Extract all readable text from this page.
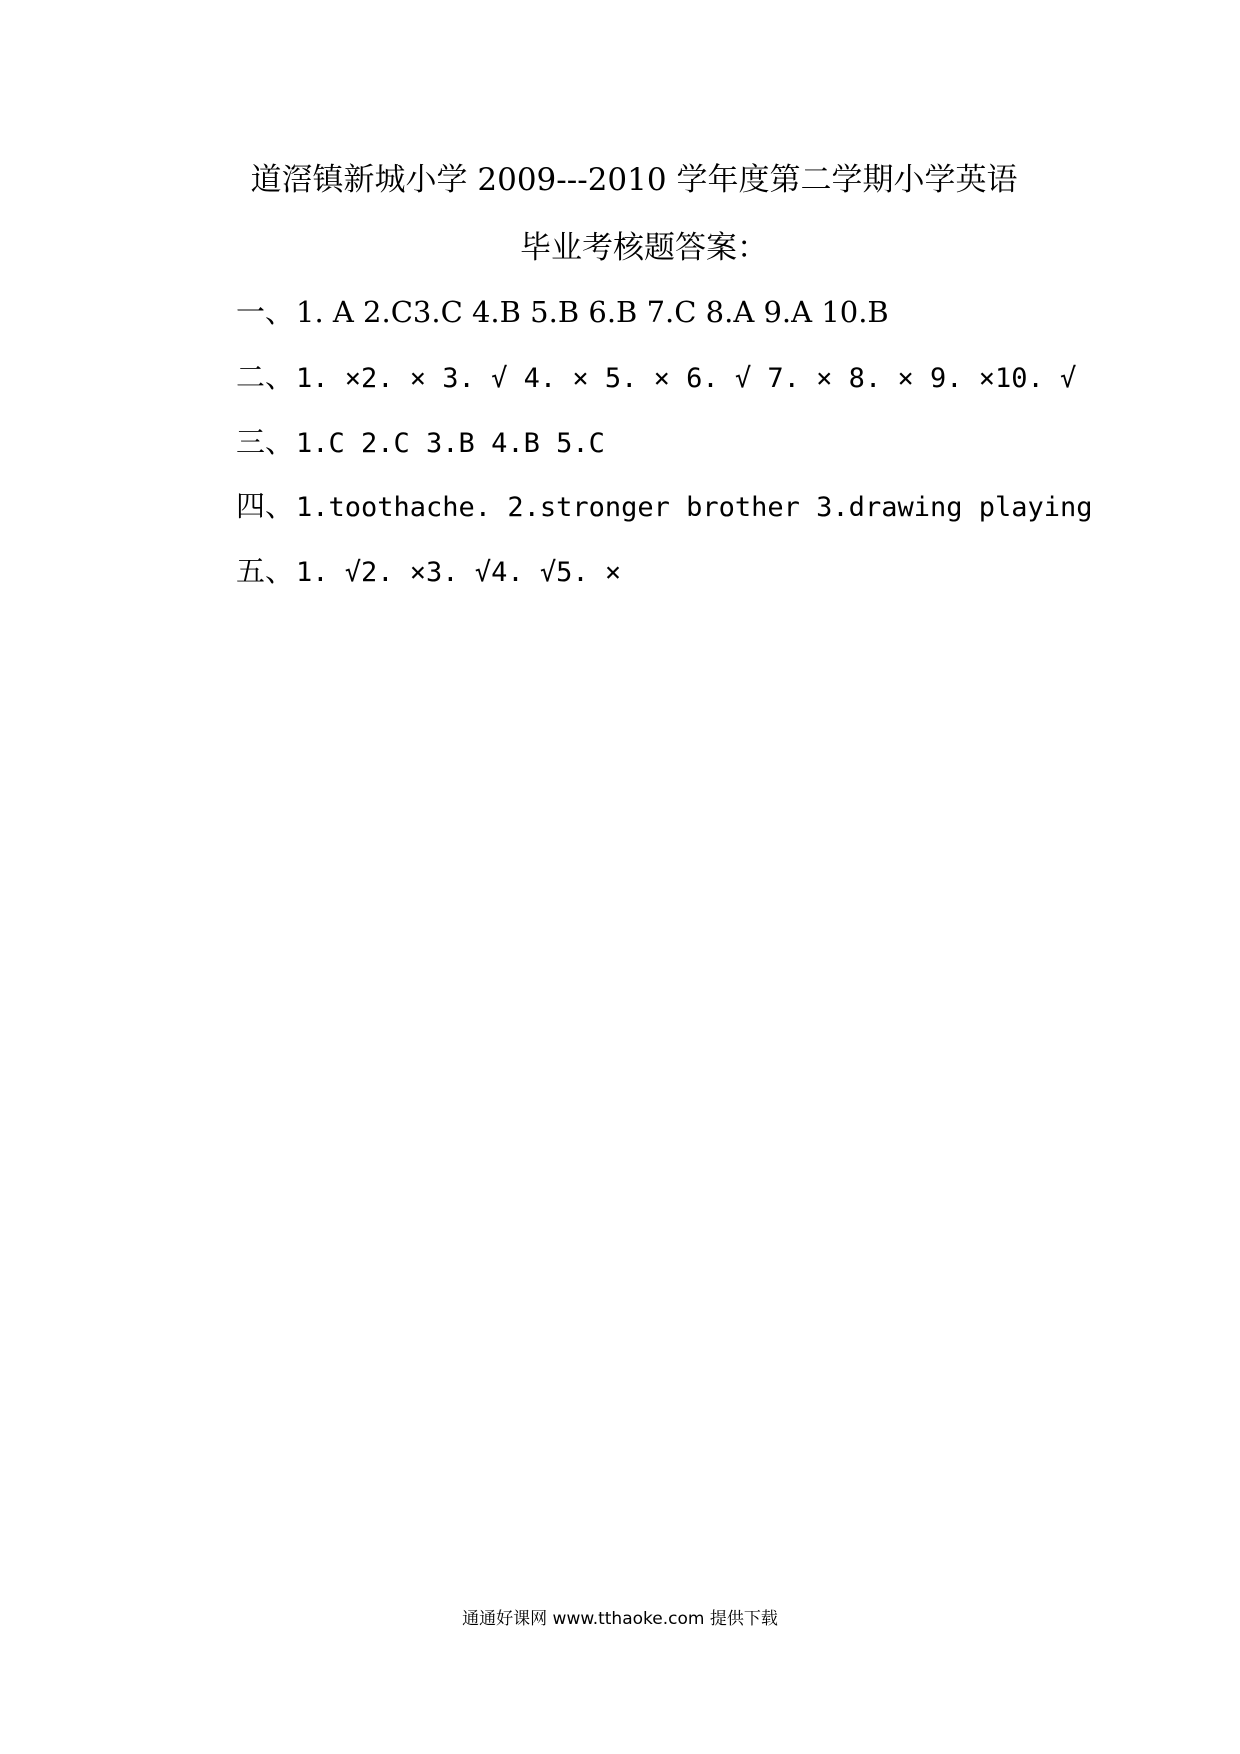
道滘镇新城小学 2009---2010 学年度第二学期小学英语
毕业考核题答案：
一、1. A 2.C3.C 4.B 5.B 6.B 7.C 8.A 9.A 10.B
二、1. ×2. × 3. √ 4. × 5. × 6. √ 7. × 8. × 9. ×10. √
三、1.C 2.C 3.B 4.B 5.C
四、1.toothache. 2.stronger brother 3.drawing playing
五、1. √2. ×3. √4. √5. ×
通通好课网 www.tthaoke.com 提供下载
